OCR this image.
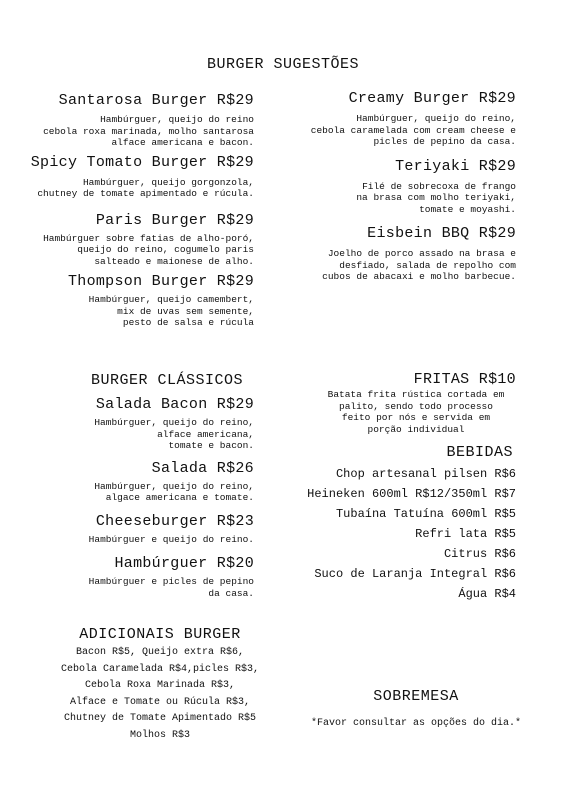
BURGER SUGESTÕES
Santarosa Burger R$29
Hambúrguer, queijo do reino
cebola roxa marinada, molho santarosa
alface americana e bacon.
Spicy Tomato Burger R$29
Hambúrguer, queijo gorgonzola,
chutney de tomate apimentado e rúcula.
Paris Burger R$29
Hambúrguer sobre fatias de alho-poró,
queijo do reino, cogumelo paris
salteado e maionese de alho.
Thompson Burger R$29
Hambúrguer, queijo camembert,
mix de uvas sem semente,
pesto de salsa e rúcula
Creamy Burger R$29
Hambúrguer, queijo do reino,
cebola caramelada com cream cheese e
picles de pepino da casa.
Teriyaki R$29
Filé de sobrecoxa de frango
na brasa com molho teriyaki,
tomate e moyashi.
Eisbein BBQ R$29
Joelho de porco assado na brasa e
desfiado, salada de repolho com
cubos de abacaxi e molho barbecue.
BURGER CLÁSSICOS
Salada Bacon R$29
Hambúrguer, queijo do reino,
alface americana,
tomate e bacon.
Salada R$26
Hambúrguer, queijo do reino,
algace americana e tomate.
Cheeseburger R$23
Hambúrguer e queijo do reino.
Hambúrguer R$20
Hambúrguer e picles de pepino
da casa.
FRITAS R$10
Batata frita rústica cortada em
palito, sendo todo processo
feito por nós e servida em
porção individual
BEBIDAS
Chop artesanal pilsen R$6
Heineken 600ml R$12/350ml R$7
Tubaína Tatuína 600ml R$5
Refri lata R$5
Citrus R$6
Suco de Laranja Integral R$6
Água R$4
ADICIONAIS BURGER
Bacon R$5, Queijo extra R$6,
Cebola Caramelada R$4,picles R$3,
Cebola Roxa Marinada R$3,
Alface e Tomate ou Rúcula R$3,
Chutney de Tomate Apimentado R$5
Molhos R$3
SOBREMESA
*Favor consultar as opções do dia.*
